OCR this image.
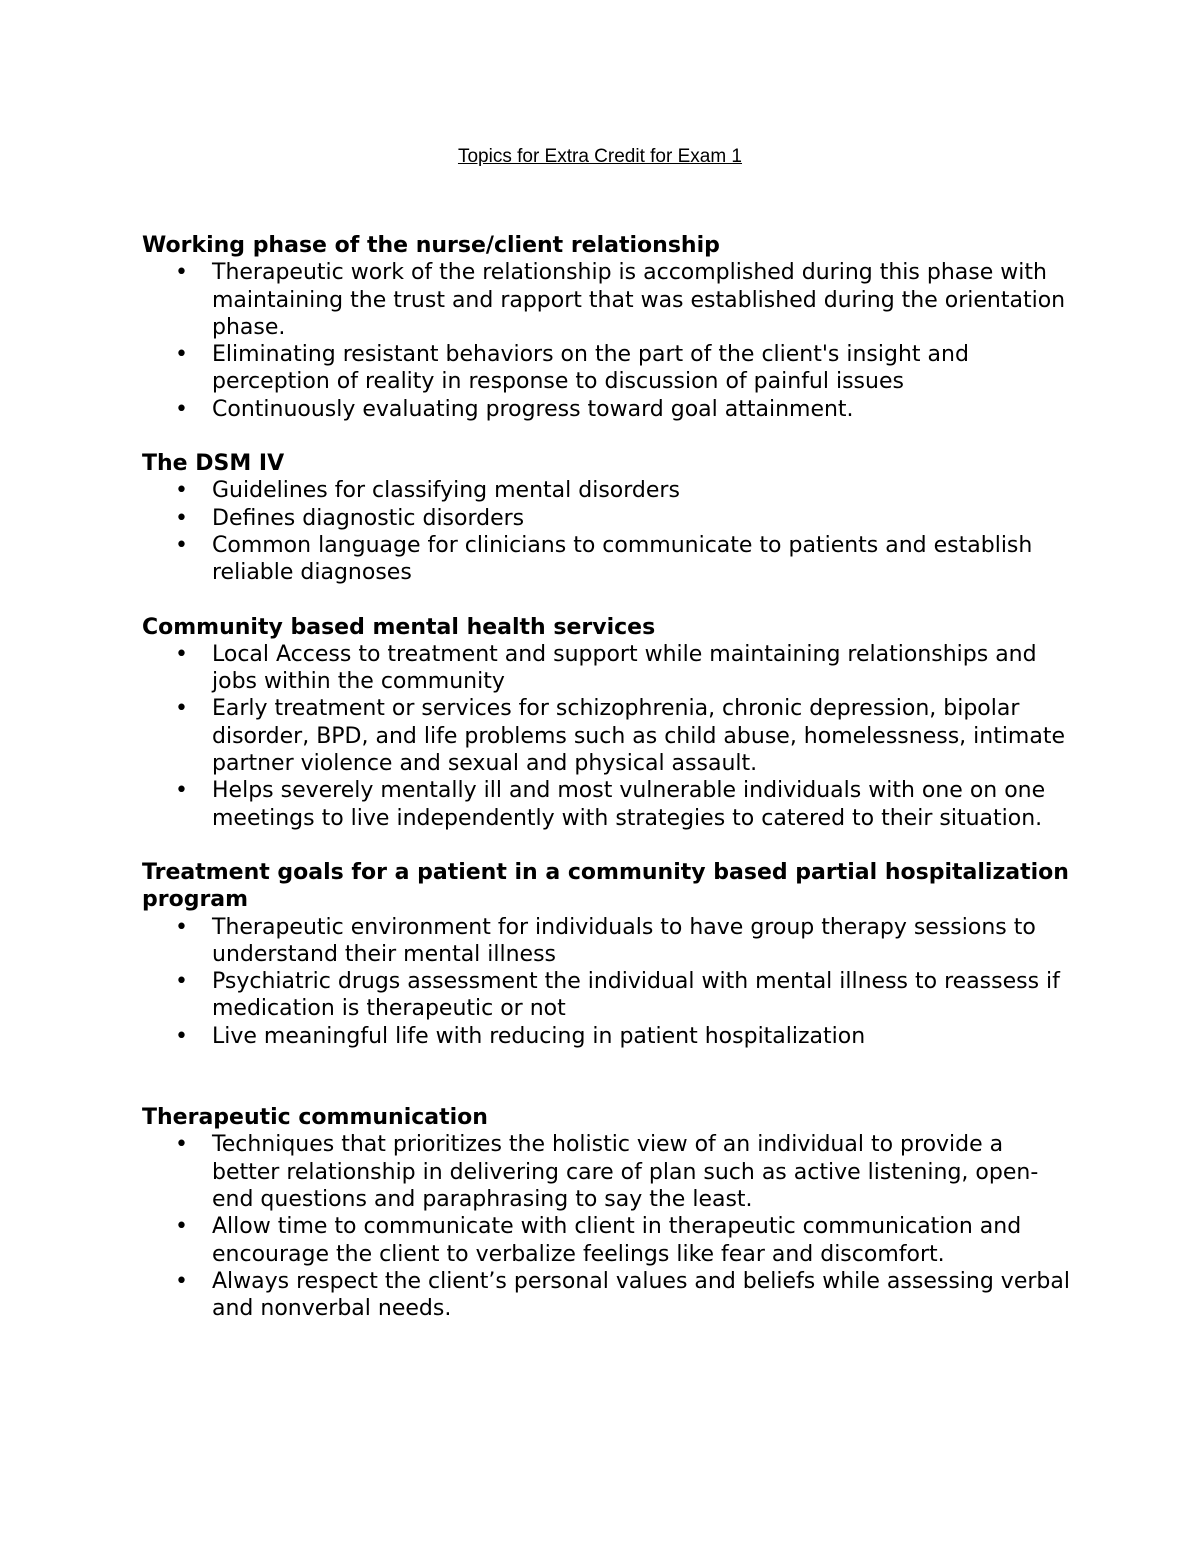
Topics for Extra Credit for Exam 1

Working phase of the nurse/client relationship

• Therapeutic work of the relationship is accomplished during this phase with maintaining the trust and rapport that was established during the orientation phase.
• Eliminating resistant behaviors on the part of the client's insight and perception of reality in response to discussion of painful issues
• Continuously evaluating progress toward goal attainment.

The DSM IV

• Guidelines for classifying mental disorders
• Defines diagnostic disorders
• Common language for clinicians to communicate to patients and establish reliable diagnoses

Community based mental health services

• Local Access to treatment and support while maintaining relationships and jobs within the community
• Early treatment or services for schizophrenia, chronic depression, bipolar disorder, BPD, and life problems such as child abuse, homelessness, intimate partner violence and sexual and physical assault.
• Helps severely mentally ill and most vulnerable individuals with one on one meetings to live independently with strategies to catered to their situation.

Treatment goals for a patient in a community based partial hospitalization program

• Therapeutic environment for individuals to have group therapy sessions to understand their mental illness
• Psychiatric drugs assessment the individual with mental illness to reassess if medication is therapeutic or not
• Live meaningful life with reducing in patient hospitalization

Therapeutic communication

• Techniques that prioritizes the holistic view of an individual to provide a better relationship in delivering care of plan such as active listening, open-end questions and paraphrasing to say the least.
• Allow time to communicate with client in therapeutic communication and encourage the client to verbalize feelings like fear and discomfort.
• Always respect the client’s personal values and beliefs while assessing verbal and nonverbal needs.
